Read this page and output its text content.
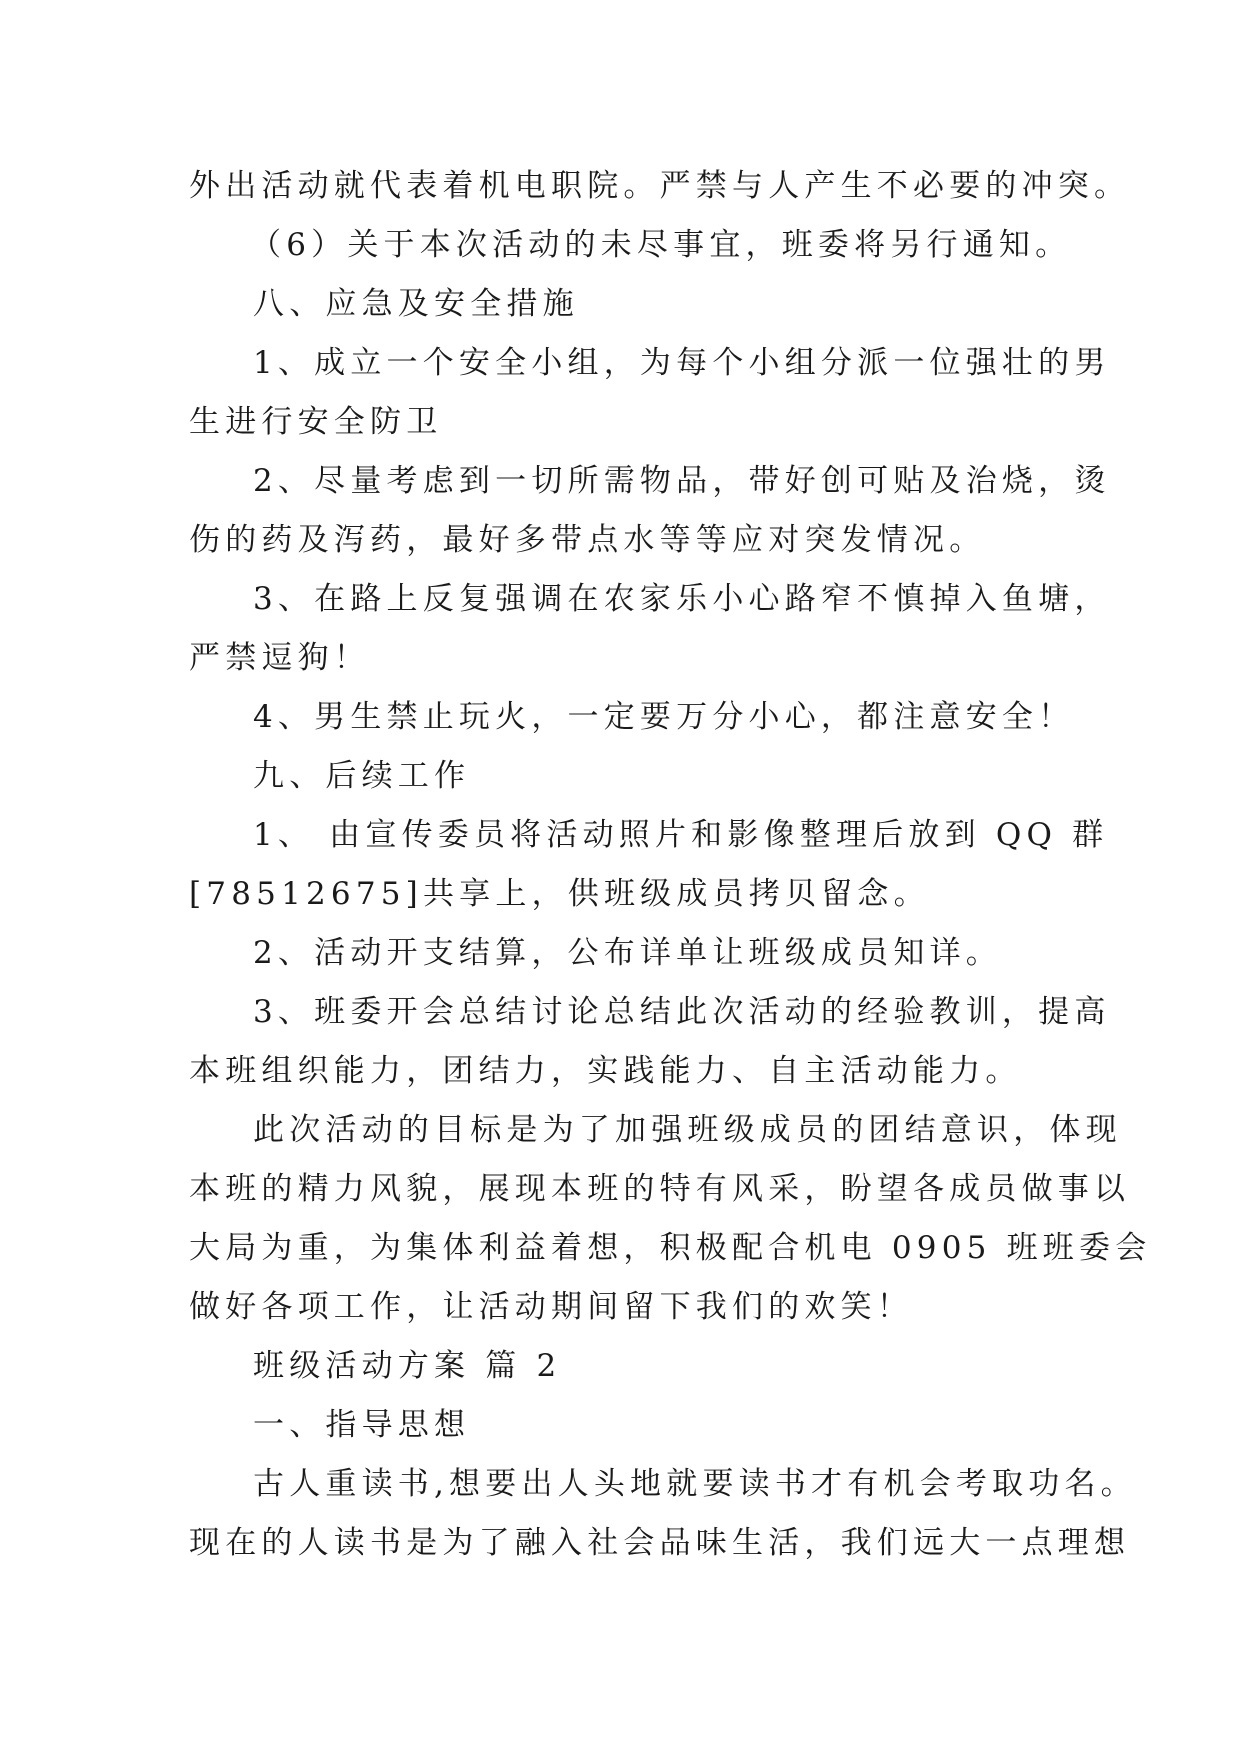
外出活动就代表着机电职院。严禁与人产生不必要的冲突。
（6）关于本次活动的未尽事宜，班委将另行通知。
八、应急及安全措施
1、成立一个安全小组，为每个小组分派一位强壮的男
生进行安全防卫
2、尽量考虑到一切所需物品，带好创可贴及治烧，烫
伤的药及泻药，最好多带点水等等应对突发情况。
3、在路上反复强调在农家乐小心路窄不慎掉入鱼塘，
严禁逗狗！
4、男生禁止玩火，一定要万分小心，都注意安全！
九、后续工作
1、 由宣传委员将活动照片和影像整理后放到 QQ 群
[78512675]共享上，供班级成员拷贝留念。
2、活动开支结算，公布详单让班级成员知详。
3、班委开会总结讨论总结此次活动的经验教训，提高
本班组织能力，团结力，实践能力、自主活动能力。
此次活动的目标是为了加强班级成员的团结意识，体现
本班的精力风貌，展现本班的特有风采，盼望各成员做事以
大局为重，为集体利益着想，积极配合机电 0905 班班委会
做好各项工作，让活动期间留下我们的欢笑！
班级活动方案 篇 2
一、指导思想
古人重读书,想要出人头地就要读书才有机会考取功名。
现在的人读书是为了融入社会品味生活，我们远大一点理想
